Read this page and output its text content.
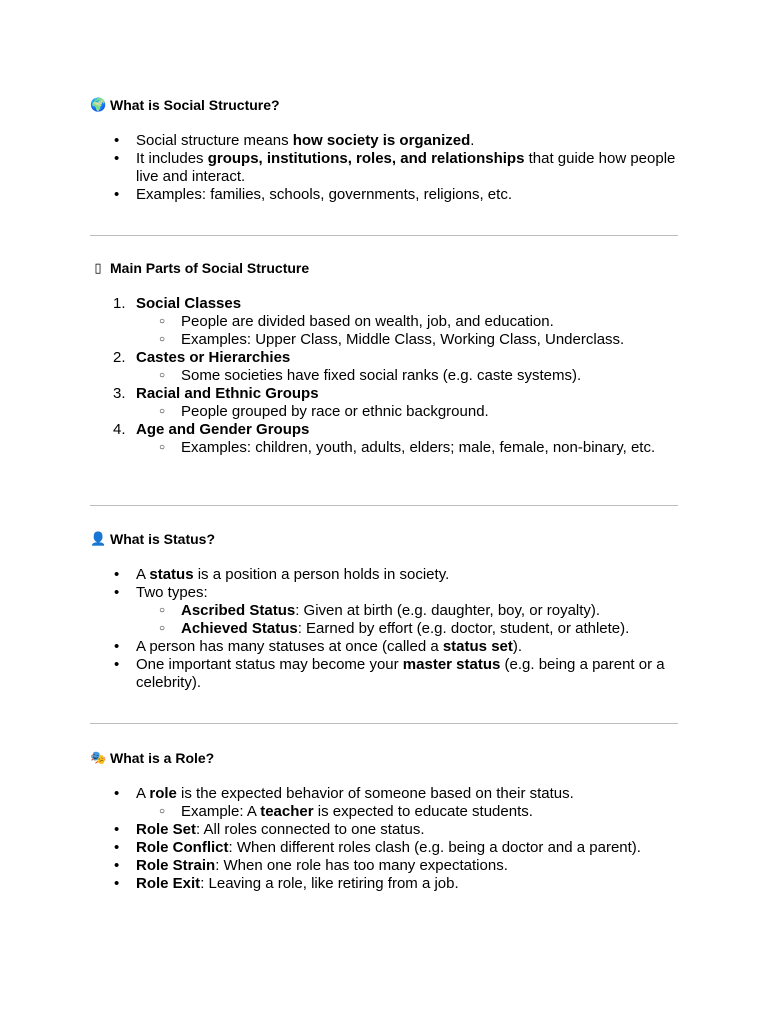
🌍 What is Social Structure?
• Social structure means how society is organized.
• It includes groups, institutions, roles, and relationships that guide how people live and interact.
• Examples: families, schools, governments, religions, etc.
▯ Main Parts of Social Structure
1. Social Classes
○ People are divided based on wealth, job, and education.
○ Examples: Upper Class, Middle Class, Working Class, Underclass.
2. Castes or Hierarchies
○ Some societies have fixed social ranks (e.g. caste systems).
3. Racial and Ethnic Groups
○ People grouped by race or ethnic background.
4. Age and Gender Groups
○ Examples: children, youth, adults, elders; male, female, non-binary, etc.
👤 What is Status?
• A status is a position a person holds in society.
• Two types:
○ Ascribed Status: Given at birth (e.g. daughter, boy, or royalty).
○ Achieved Status: Earned by effort (e.g. doctor, student, or athlete).
• A person has many statuses at once (called a status set).
• One important status may become your master status (e.g. being a parent or a celebrity).
🎭 What is a Role?
• A role is the expected behavior of someone based on their status.
○ Example: A teacher is expected to educate students.
• Role Set: All roles connected to one status.
• Role Conflict: When different roles clash (e.g. being a doctor and a parent).
• Role Strain: When one role has too many expectations.
• Role Exit: Leaving a role, like retiring from a job.
